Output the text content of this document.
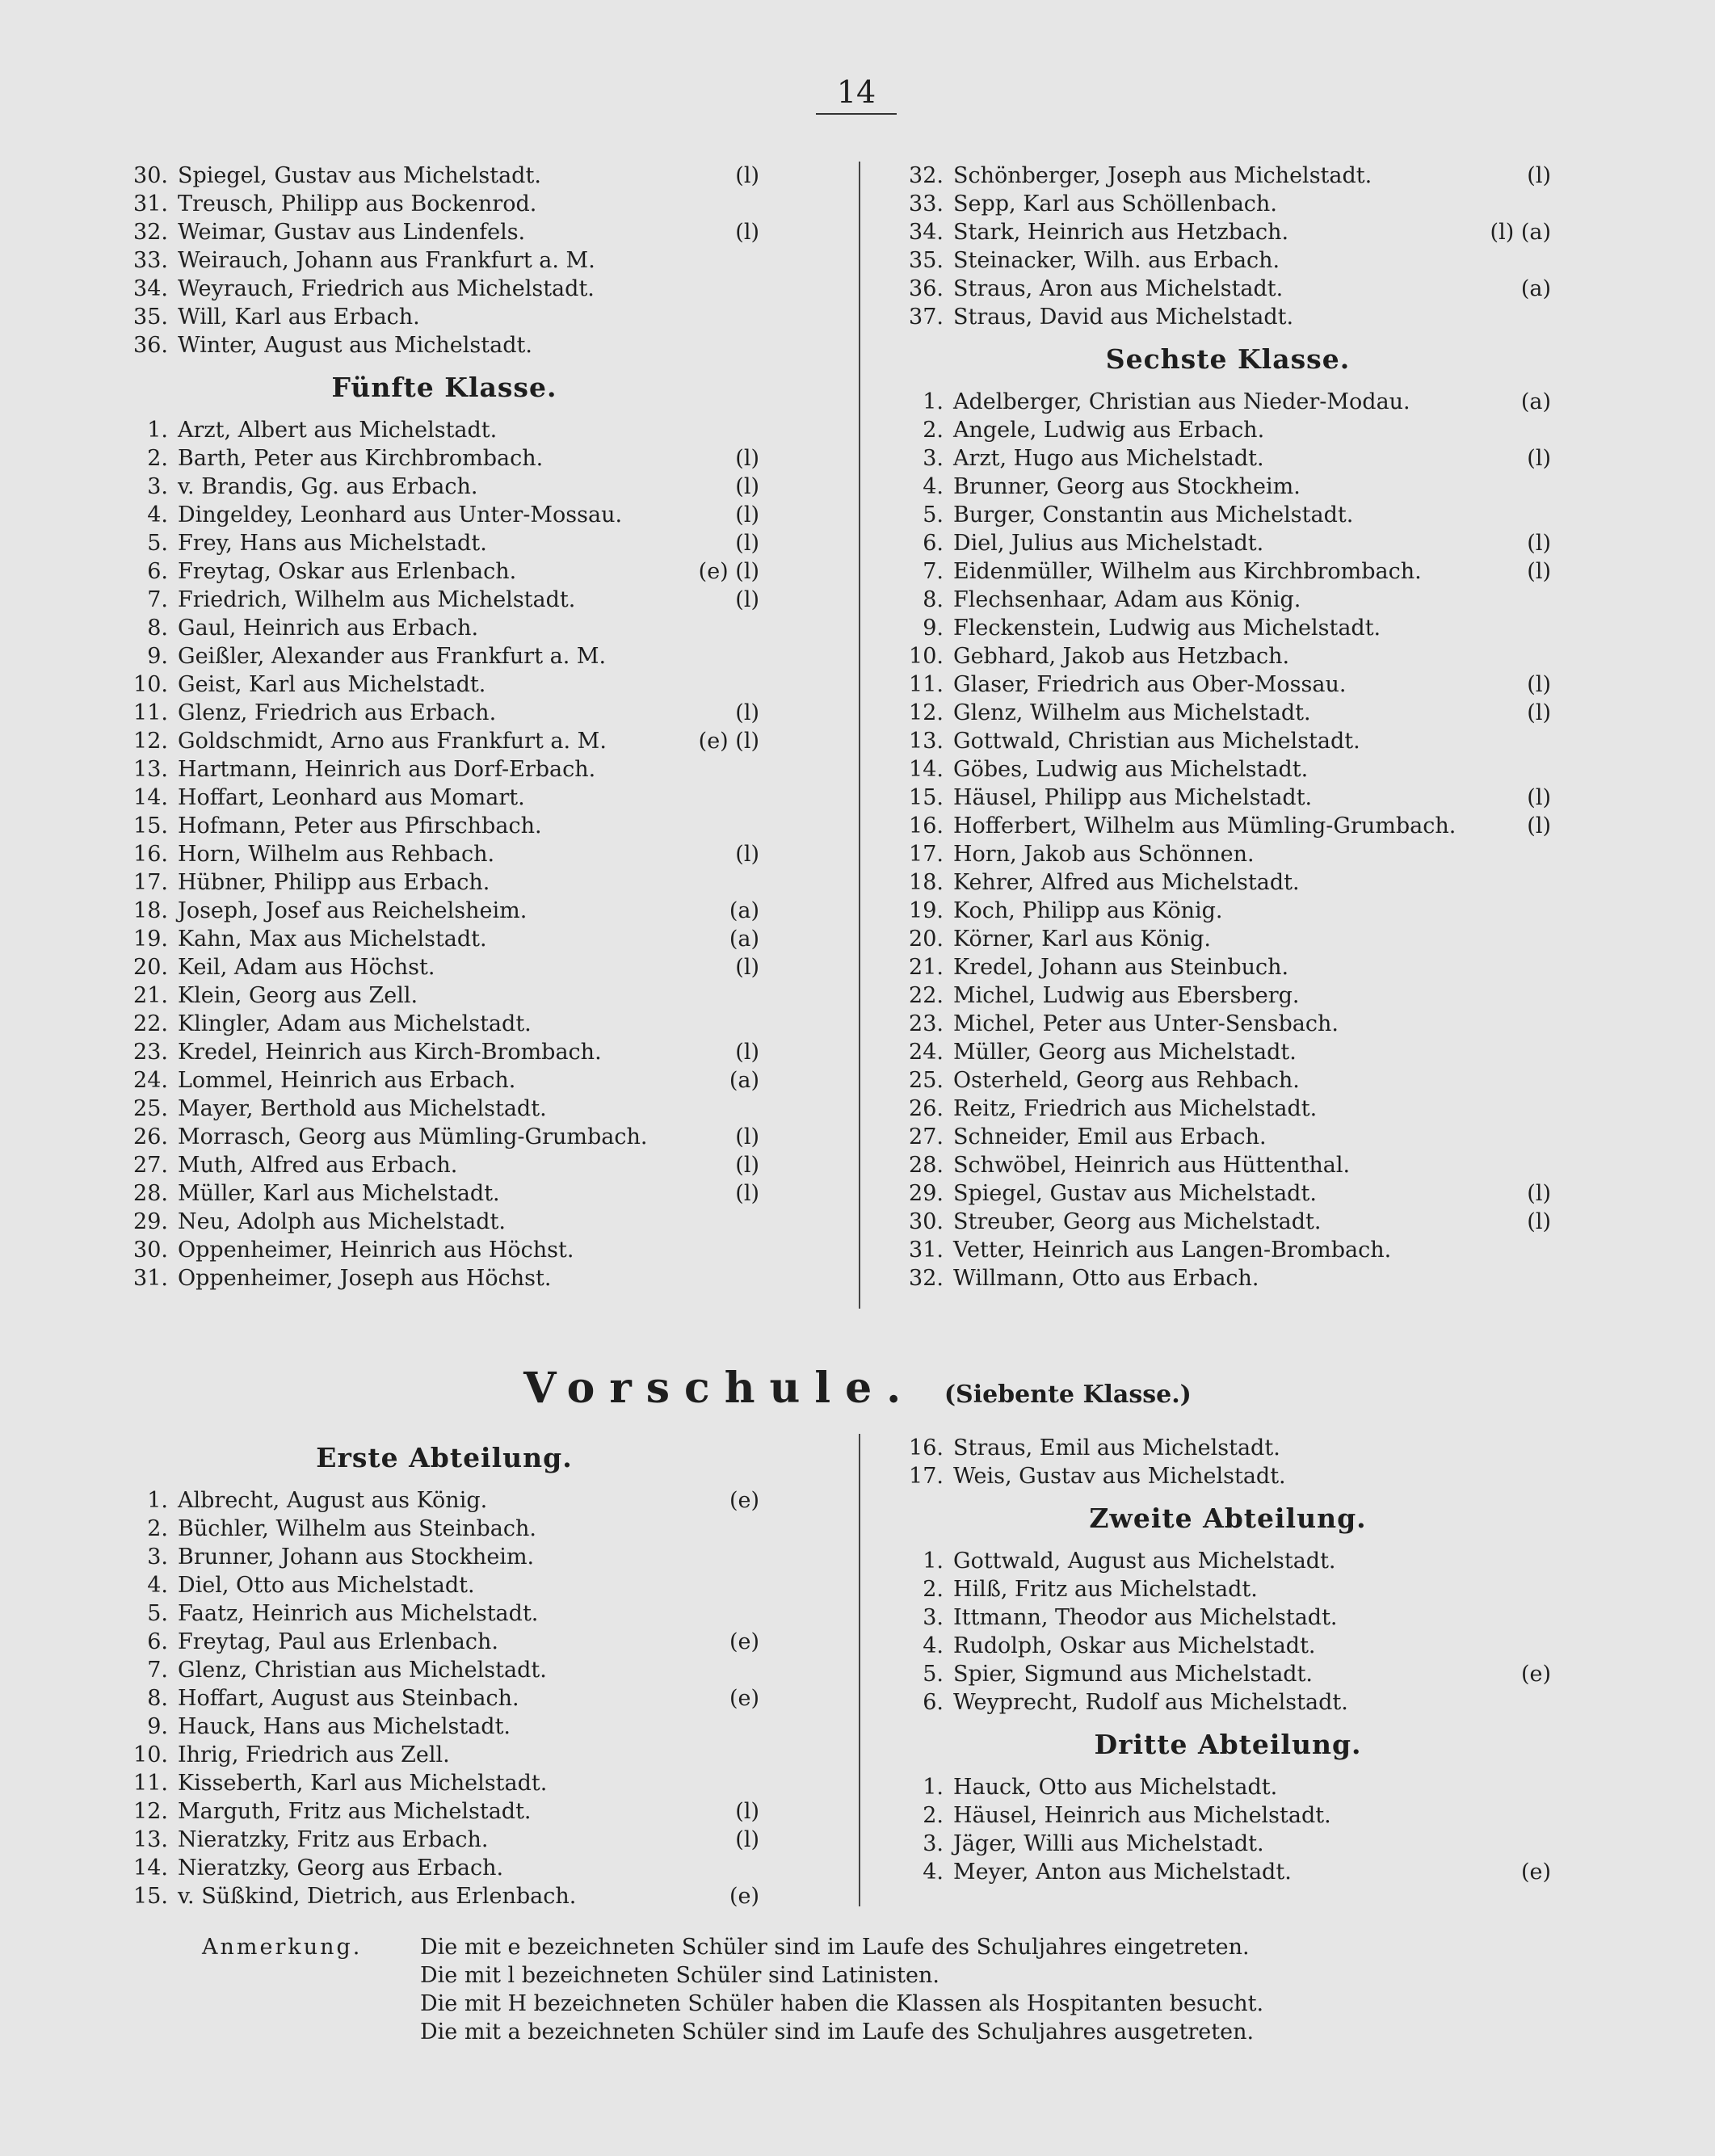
14
30. Spiegel, Gustav aus Michelstadt.	(l)
31. Treusch, Philipp aus Bockenrod.
32. Weimar, Gustav aus Lindenfels.	(l)
33. Weirauch, Johann aus Frankfurt a. M.
34. Weyrauch, Friedrich aus Michelstadt.
35. Will, Karl aus Erbach.
36. Winter, August aus Michelstadt.
Fünfte Klasse.
1. Arzt, Albert aus Michelstadt.
2. Barth, Peter aus Kirchbrombach.	(l)
3. v. Brandis, Gg. aus Erbach.	(l)
4. Dingeldey, Leonhard aus Unter-Mossau.	(l)
5. Frey, Hans aus Michelstadt.	(l)
6. Freytag, Oskar aus Erlenbach.	(e) (l)
7. Friedrich, Wilhelm aus Michelstadt.	(l)
8. Gaul, Heinrich aus Erbach.
9. Geißler, Alexander aus Frankfurt a. M.
10. Geist, Karl aus Michelstadt.
11. Glenz, Friedrich aus Erbach.	(l)
12. Goldschmidt, Arno aus Frankfurt a. M.	(e) (l)
13. Hartmann, Heinrich aus Dorf-Erbach.
14. Hoffart, Leonhard aus Momart.
15. Hofmann, Peter aus Pfirschbach.
16. Horn, Wilhelm aus Rehbach.	(l)
17. Hübner, Philipp aus Erbach.
18. Joseph, Josef aus Reichelsheim.	(a)
19. Kahn, Max aus Michelstadt.	(a)
20. Keil, Adam aus Höchst.	(l)
21. Klein, Georg aus Zell.
22. Klingler, Adam aus Michelstadt.
23. Kredel, Heinrich aus Kirch-Brombach.	(l)
24. Lommel, Heinrich aus Erbach.	(a)
25. Mayer, Berthold aus Michelstadt.
26. Morrasch, Georg aus Mümling-Grumbach.	(l)
27. Muth, Alfred aus Erbach.	(l)
28. Müller, Karl aus Michelstadt.	(l)
29. Neu, Adolph aus Michelstadt.
30. Oppenheimer, Heinrich aus Höchst.
31. Oppenheimer, Joseph aus Höchst.
32. Schönberger, Joseph aus Michelstadt.	(l)
33. Sepp, Karl aus Schöllenbach.
34. Stark, Heinrich aus Hetzbach.	(l) (a)
35. Steinacker, Wilh. aus Erbach.
36. Straus, Aron aus Michelstadt.	(a)
37. Straus, David aus Michelstadt.
Sechste Klasse.
1. Adelberger, Christian aus Nieder-Modau.	(a)
2. Angele, Ludwig aus Erbach.
3. Arzt, Hugo aus Michelstadt.	(l)
4. Brunner, Georg aus Stockheim.
5. Burger, Constantin aus Michelstadt.
6. Diel, Julius aus Michelstadt.	(l)
7. Eidenmüller, Wilhelm aus Kirchbrombach.	(l)
8. Flechsenhaar, Adam aus König.
9. Fleckenstein, Ludwig aus Michelstadt.
10. Gebhard, Jakob aus Hetzbach.
11. Glaser, Friedrich aus Ober-Mossau.	(l)
12. Glenz, Wilhelm aus Michelstadt.	(l)
13. Gottwald, Christian aus Michelstadt.
14. Göbes, Ludwig aus Michelstadt.
15. Häusel, Philipp aus Michelstadt.	(l)
16. Hofferbert, Wilhelm aus Mümling-Grumbach.	(l)
17. Horn, Jakob aus Schönnen.
18. Kehrer, Alfred aus Michelstadt.
19. Koch, Philipp aus König.
20. Körner, Karl aus König.
21. Kredel, Johann aus Steinbuch.
22. Michel, Ludwig aus Ebersberg.
23. Michel, Peter aus Unter-Sensbach.
24. Müller, Georg aus Michelstadt.
25. Osterheld, Georg aus Rehbach.
26. Reitz, Friedrich aus Michelstadt.
27. Schneider, Emil aus Erbach.
28. Schwöbel, Heinrich aus Hüttenthal.
29. Spiegel, Gustav aus Michelstadt.	(l)
30. Streuber, Georg aus Michelstadt.	(l)
31. Vetter, Heinrich aus Langen-Brombach.
32. Willmann, Otto aus Erbach.
Vorschule. (Siebente Klasse.)
Erste Abteilung.
1. Albrecht, August aus König.	(e)
2. Büchler, Wilhelm aus Steinbach.
3. Brunner, Johann aus Stockheim.
4. Diel, Otto aus Michelstadt.
5. Faatz, Heinrich aus Michelstadt.
6. Freytag, Paul aus Erlenbach.	(e)
7. Glenz, Christian aus Michelstadt.
8. Hoffart, August aus Steinbach.	(e)
9. Hauck, Hans aus Michelstadt.
10. Ihrig, Friedrich aus Zell.
11. Kisseberth, Karl aus Michelstadt.
12. Marguth, Fritz aus Michelstadt.	(l)
13. Nieratzky, Fritz aus Erbach.	(l)
14. Nieratzky, Georg aus Erbach.
15. v. Süßkind, Dietrich, aus Erlenbach.	(e)
16. Straus, Emil aus Michelstadt.
17. Weis, Gustav aus Michelstadt.
Zweite Abteilung.
1. Gottwald, August aus Michelstadt.
2. Hilß, Fritz aus Michelstadt.
3. Ittmann, Theodor aus Michelstadt.
4. Rudolph, Oskar aus Michelstadt.
5. Spier, Sigmund aus Michelstadt.	(e)
6. Weyprecht, Rudolf aus Michelstadt.
Dritte Abteilung.
1. Hauck, Otto aus Michelstadt.
2. Häusel, Heinrich aus Michelstadt.
3. Jäger, Willi aus Michelstadt.
4. Meyer, Anton aus Michelstadt.	(e)
Anmerkung.	Die mit e bezeichneten Schüler sind im Laufe des Schuljahres eingetreten.
Die mit l bezeichneten Schüler sind Latinisten.
Die mit H bezeichneten Schüler haben die Klassen als Hospitanten besucht.
Die mit a bezeichneten Schüler sind im Laufe des Schuljahres ausgetreten.
